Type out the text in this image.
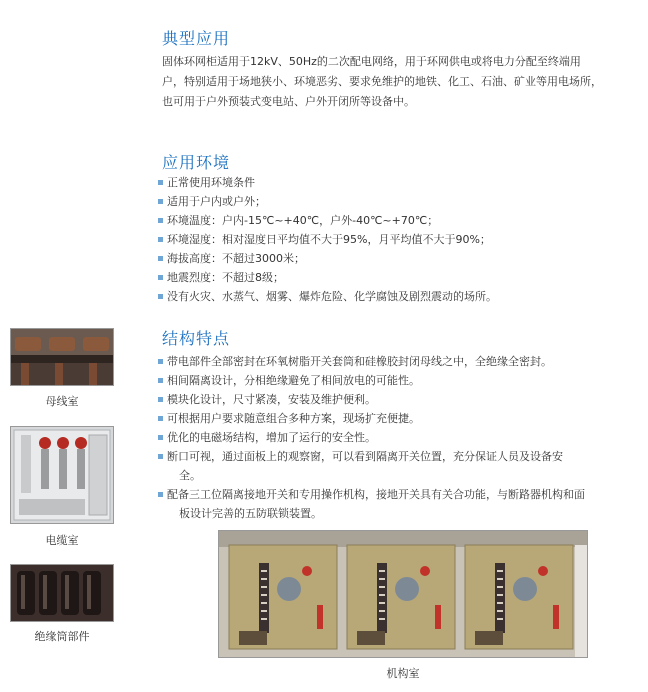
典型应用

固体环网柜适用于12kV、50Hz的二次配电网络，用于环网供电或将电力分配至终端用
户，特别适用于场地狭小、环境恶劣、要求免维护的地铁、化工、石油、矿业等用电场所，
也可用于户外预装式变电站、户外开闭所等设备中。

应用环境
正常使用环境条件
适用于户内或户外；
环境温度：户内-15℃~+40℃，户外-40℃~+70℃；
环境湿度：相对湿度日平均值不大于95%，月平均值不大于90%；
海拔高度：不超过3000米；
地震烈度：不超过8级；
没有火灾、水蒸气、烟雾、爆炸危险、化学腐蚀及剧烈震动的场所。
结构特点
带电部件全部密封在环氧树脂开关套筒和硅橡胶封闭母线之中，全绝缘全密封。
相间隔离设计，分相绝缘避免了相间放电的可能性。
模块化设计，尺寸紧凑，安装及维护便利。
可根据用户要求随意组合多种方案，现场扩充便捷。
优化的电磁场结构，增加了运行的安全性。
断口可视，通过面板上的观察窗，可以看到隔离开关位置，充分保证人员及设备安
全。
配备三工位隔离接地开关和专用操作机构，接地开关具有关合功能，与断路器机构和面
板设计完善的五防联锁装置。
母线室
电缆室
绝缘筒部件
机构室
